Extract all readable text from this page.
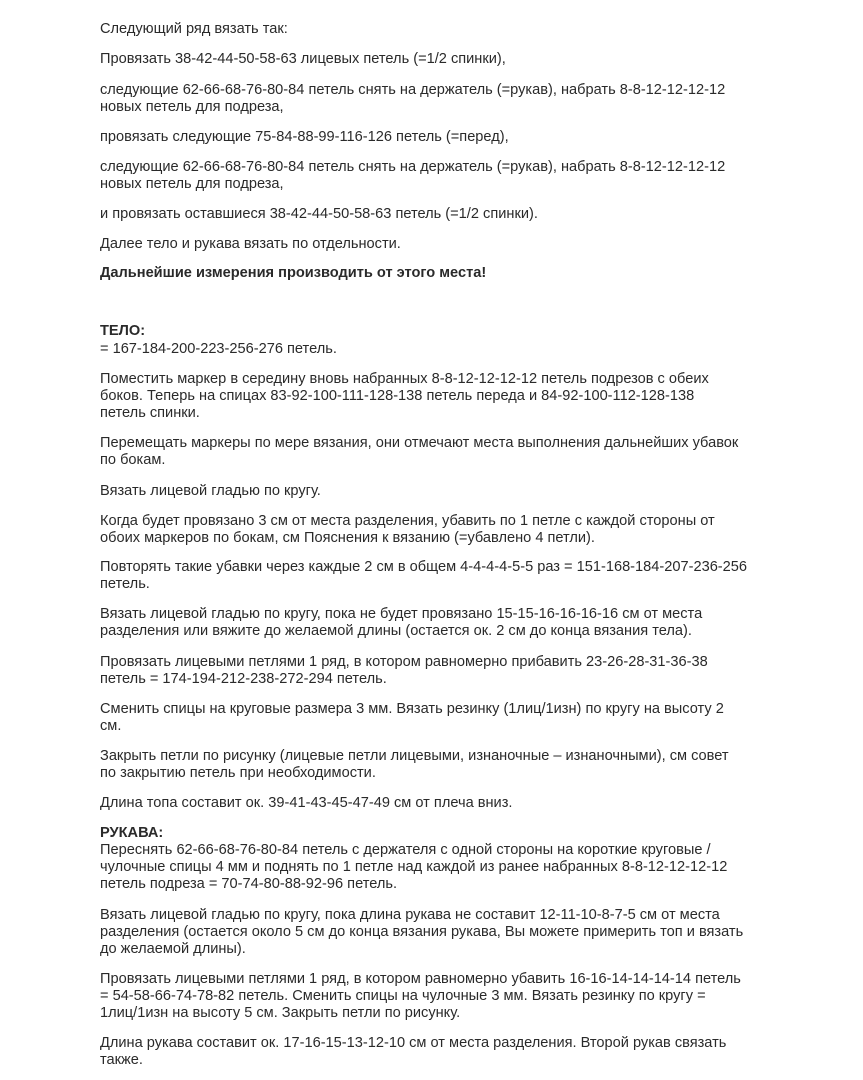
Следующий ряд вязать так:
Провязать 38-42-44-50-58-63 лицевых петель (=1/2 спинки),
следующие 62-66-68-76-80-84 петель снять на держатель (=рукав), набрать 8-8-12-12-12-12
новых петель для подреза,
провязать следующие 75-84-88-99-116-126 петель (=перед),
следующие 62-66-68-76-80-84 петель снять на держатель (=рукав), набрать 8-8-12-12-12-12
новых петель для подреза,
и провязать оставшиеся 38-42-44-50-58-63 петель (=1/2 спинки).
Далее тело и рукава вязать по отдельности.
Дальнейшие измерения производить от этого места!
ТЕЛО:
= 167-184-200-223-256-276 петель.
Поместить маркер в середину вновь набранных 8-8-12-12-12-12 петель подрезов с обеих
боков. Теперь на спицах 83-92-100-111-128-138 петель переда и 84-92-100-112-128-138
петель спинки.
Перемещать маркеры по мере вязания, они отмечают места выполнения дальнейших убавок
по бокам.
Вязать лицевой гладью по кругу.
Когда будет провязано 3 см от места разделения, убавить по 1 петле с каждой стороны от
обоих маркеров по бокам, см Пояснения к вязанию (=убавлено 4 петли).
Повторять такие убавки через каждые 2 см в общем 4-4-4-4-5-5 раз = 151-168-184-207-236-256
петель.
Вязать лицевой гладью по кругу, пока не будет провязано 15-15-16-16-16-16 см от места
разделения или вяжите до желаемой длины (остается ок. 2 см до конца вязания тела).
Провязать лицевыми петлями 1 ряд, в котором равномерно прибавить 23-26-28-31-36-38
петель = 174-194-212-238-272-294 петель.
Сменить спицы на круговые размера 3 мм. Вязать резинку (1лиц/1изн) по кругу на высоту 2
см.
Закрыть петли по рисунку (лицевые петли лицевыми, изнаночные – изнаночными), см совет
по закрытию петель при необходимости.
Длина топа составит ок. 39-41-43-45-47-49 см от плеча вниз.
РУКАВА:
Переснять 62-66-68-76-80-84 петель с держателя с одной стороны на короткие круговые /
чулочные спицы 4 мм и поднять по 1 петле над каждой из ранее набранных 8-8-12-12-12-12
петель подреза = 70-74-80-88-92-96 петель.
Вязать лицевой гладью по кругу, пока длина рукава не составит 12-11-10-8-7-5 см от места
разделения (остается около 5 см до конца вязания рукава, Вы можете примерить топ и вязать
до желаемой длины).
Провязать лицевыми петлями 1 ряд, в котором равномерно убавить 16-16-14-14-14-14 петель
= 54-58-66-74-78-82 петель. Сменить спицы на чулочные 3 мм. Вязать резинку по кругу =
1лиц/1изн на высоту 5 см. Закрыть петли по рисунку.
Длина рукава составит ок. 17-16-15-13-12-10 см от места разделения. Второй рукав связать
также.
